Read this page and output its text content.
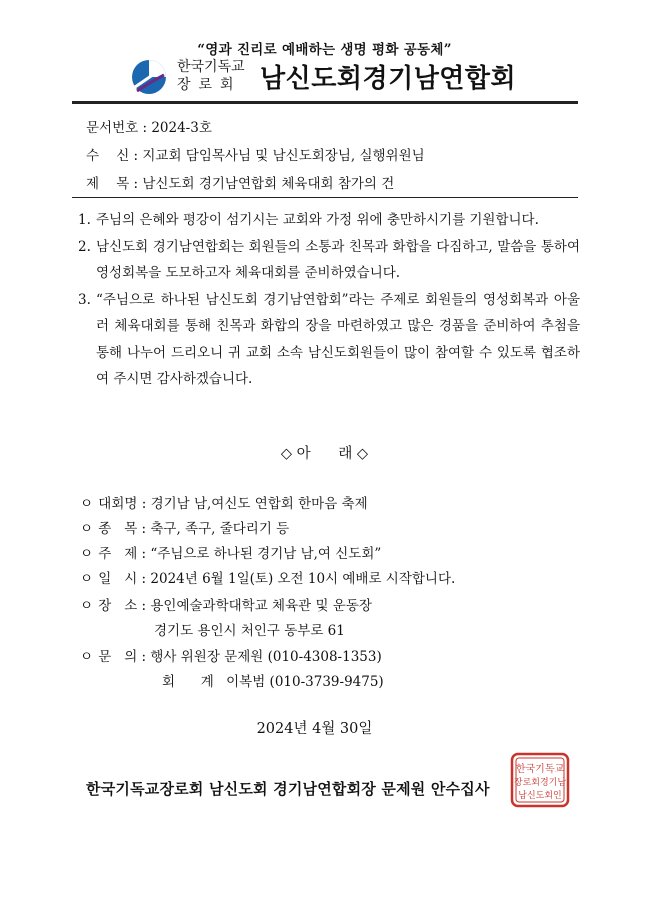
“영과 진리로 예배하는 생명 평화 공동체”
한국기독교
장로회 남신도회경기남연합회
문서번호 : 2024-3호
수    신 : 지교회 담임목사님 및 남신도회장님, 실행위원님
제    목 : 남신도회 경기남연합회 체육대회 참가의 건
1. 주님의 은혜와 평강이 섬기시는 교회와 가정 위에 충만하시기를 기원합니다.
2. 남신도회 경기남연합회는 회원들의 소통과 친목과 화합을 다짐하고, 말씀을 통하여 영성회복을 도모하고자 체육대회를 준비하였습니다.
3. “주님으로 하나된 남신도회 경기남연합회”라는 주제로 회원들의 영성회복과 아울러 체육대회를 통해 친목과 화합의 장을 마련하였고 많은 경품을 준비하여 추첨을 통해 나누어 드리오니 귀 교회 소속 남신도회원들이 많이 참여할 수 있도록 협조하여 주시면 감사하겠습니다.
◇ 아      래 ◇
ㅇ 대회명 : 경기남 남,여신도 연합회 한마음 축제
ㅇ 종   목 : 축구, 족구, 줄다리기 등
ㅇ 주   제 : “주님으로 하나된 경기남 남,여 신도회”
ㅇ 일   시 : 2024년 6월 1일(토) 오전 10시 예배로 시작합니다.
ㅇ 장   소 : 용인예술과학대학교 체육관 및 운동장
경기도 용인시 처인구 동부로 61
ㅇ 문   의 : 행사 위원장 문제원 (010-4308-1353)
회      계 이복범 (010-3739-9475)
2024년 4월 30일
한국기독교장로회 남신도회 경기남연합회장 문제원 안수집사
한국기독교
장로회경기남
남신도회인
